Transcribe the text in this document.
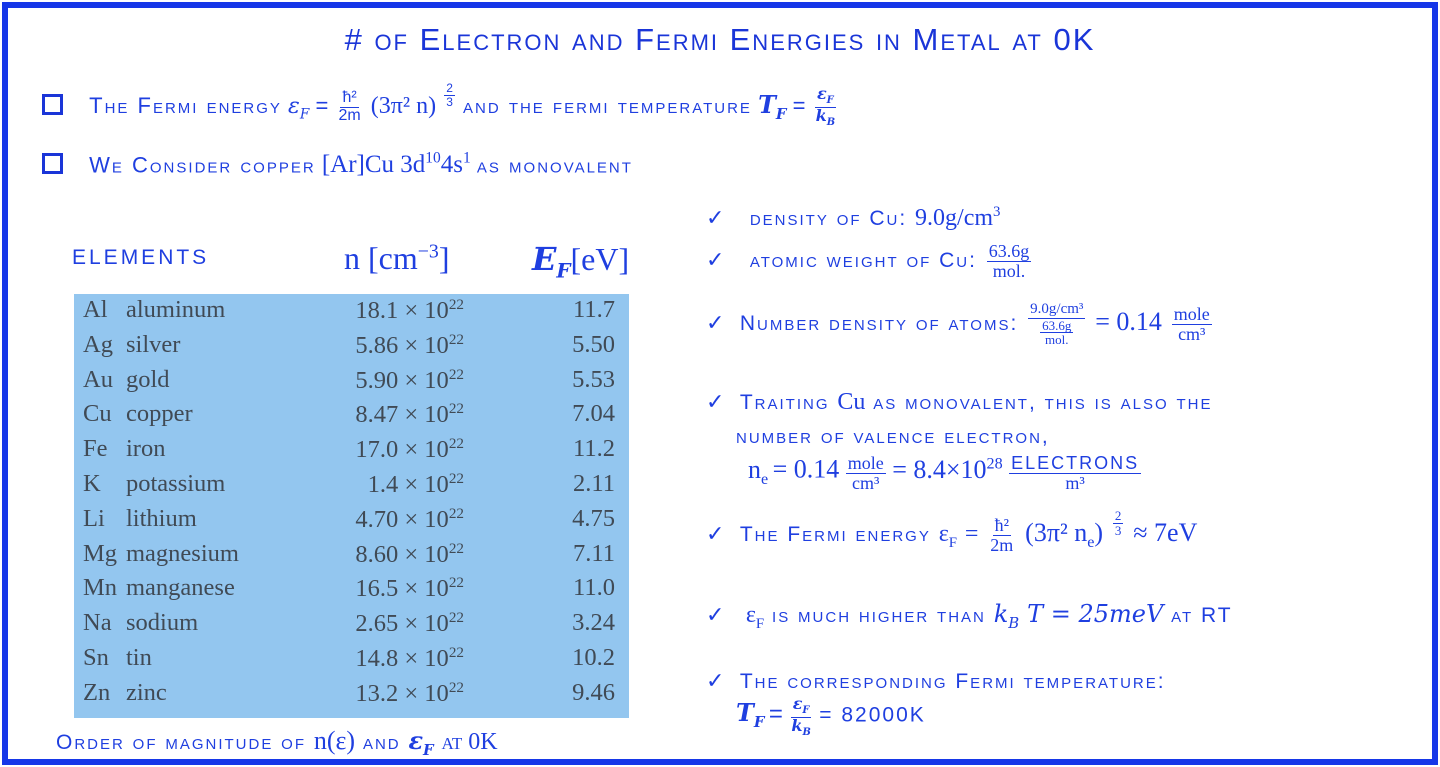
# of Electron and Fermi Energies in Metal at 0K
The Fermi energy $\varepsilon_F = \frac{\text{ħ²}}{2m} (3\pi^2$ $n) \frac{2}{3}$ and the fermi temperature $T_F = \frac{\varepsilon_F}{k_B}$
We Consider copper [Ar]Cu $3d^{10}4s^1$ as monovalent
ELEMENTS	n $[cm^{-3}]$	$E_F[eV]$
Al aluminum	$18.1 \times 10^{22}$	11.7
Ag silver	$5.86 \times 10^{22}$	5.50
Au gold	$5.90 \times 10^{22}$	5.53
Cu copper	$8.47 \times 10^{22}$	7.04
Fe iron	$17.0 \times 10^{22}$	11.2
K potassium	$1.4 \times 10^{22}$	2.11
Li lithium	$4.70 \times 10^{22}$	4.75
Mg magnesium	$8.60 \times 10^{22}$	7.11
Mn manganese	$16.5 \times 10^{22}$	11.0
Na sodium	$2.65 \times 10^{22}$	3.24
Sn tin	$14.8 \times 10^{22}$	10.2
Zn zinc	$13.2 \times 10^{22}$	9.46
Order of magnitude of n(ε) and $\varepsilon_F$ at 0K
✓ density of Cu: $9.0g/cm^3$
✓ atomic weight of Cu: $\frac{63.6g}{\text{mol.}}$
✓ Number density of atoms: $\frac{\text{9.0g/cm³}}{\frac{63.6g}{\text{mol.}}} = 0.14 \frac{\text{mole}}{\text{cm³}}$
✓ Traiting Cu as monovalent, this is also the
number of valence electron,
$n_e = 0.14 \frac{\text{mole}}{\text{cm³}} = 8.4\times 10^{28} \frac{\text{ELECTRONS}}{\text{m³}}$
✓ The Fermi energy $\varepsilon_F = \frac{\text{ħ²}}{2m} (3\pi^2$ $n_e) \frac{2}{3} \approx 7eV$
✓ $\varepsilon_F$ is much higher than $k_B$ T = 25meV at RT
✓ The corresponding Fermi temperature:
$T_F = \frac{\varepsilon_F}{k_B} = 82000K$
